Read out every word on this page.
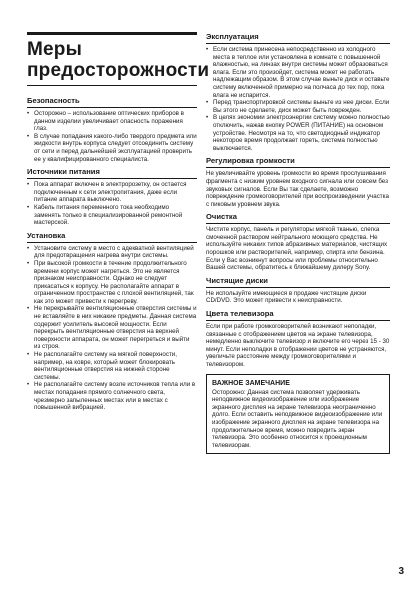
Меры
предосторожности

Безопасность

• Осторожно – использование оптических приборов в данном изделии увеличивает опасность поражения глаз.
• В случае попадания какого-либо твердого предмета или жидкости внутрь корпуса следует отсоединить систему от сети и перед дальнейшей эксплуатацией проверить ее у квалифицированного специалиста.

Источники питания

• Пока аппарат включен в электророзетку, он остается подключенным к сети электропитания, даже если питание аппарата выключено.
• Кабель питания переменного тока необходимо заменять только в специализированной ремонтной мастерской.

Установка

• Установите систему в место с адекватной вентиляцией для предотвращения нагрева внутри системы.
• При высокой громкости в течение продолжительного времени корпус может нагреться. Это не является признаком неисправности. Однако не следует прикасаться к корпусу. Не располагайте аппарат в ограниченном пространстве с плохой вентиляцией, так как это может привести к перегреву.
• Не перекрывайте вентиляционные отверстия системы и не вставляйте в них никакие предметы. Данная система содержит усилитель высокой мощности. Если перекрыть вентиляционные отверстия на верхней поверхности аппарата, он может перегреться и выйти из строя.
• Не располагайте систему на мягкой поверхности, например, на ковре, который может блокировать вентиляционные отверстия на нижней стороне системы.
• Не располагайте систему возле источников тепла или в местах попадания прямого солнечного света, чрезмерно запыленных местах или в местах с повышенной вибрацией.

Эксплуатация

• Если система принесена непосредственно из холодного места в теплое или установлена в комнате с повышенной влажностью, на линзах внутри системы может образоваться влага. Если это произойдет, система может не работать надлежащим образом. В этом случае выньте диск и оставьте систему включенной примерно на полчаса до тех пор, пока влага не испарится.
• Перед транспортировкой системы выньте из нее диски. Если Вы этого не сделаете, диск может быть поврежден.
• В целях экономии электроэнергии систему можно полностью отключить, нажав кнопку POWER (ПИТАНИЕ) на основном устройстве. Несмотря на то, что светодиодный индикатор некоторое время продолжает гореть, система полностью выключается.

Регулировка громкости

Не увеличивайте уровень громкости во время прослушивания фрагмента с низким уровнем входного сигнала или совсем без звуковых сигналов. Если Вы так сделаете, возможно повреждение громкоговорителей при воспроизведении участка с пиковым уровнем звука.

Очистка

Чистите корпус, панель и регуляторы мягкой тканью, слегка смоченной раствором нейтрального моющего средства. Не используйте никаких типов абразивных материалов, чистящих порошков или растворителей, например, спирта или бензина. Если у Вас возникнут вопросы или проблемы относительно Вашей системы, обратитесь к ближайшему дилеру Sony.

Чистящие диски

Не используйте имеющиеся в продаже чистящие диски CD/DVD. Это может привести к неисправности.

Цвета телевизора

Если при работе громкоговорителей возникают неполадки, связанные с отображением цветов на экране телевизора, немедленно выключите телевизор и включите его через 15 - 30 минут. Если неполадки в отображении цветов не устраняются, увеличьте расстояние между громкоговорителями и телевизором.

ВАЖНОЕ ЗАМЕЧАНИЕ

Осторожно: Данная система позволяет удерживать неподвижное видеоизображение или изображение экранного дисплея на экране телевизора неограниченно долго. Если оставить неподвижное видеоизображение или изображение экранного дисплея на экране телевизора на продолжительное время, можно повредить экран телевизора. Это особенно относится к проекционным телевизорам.

3
